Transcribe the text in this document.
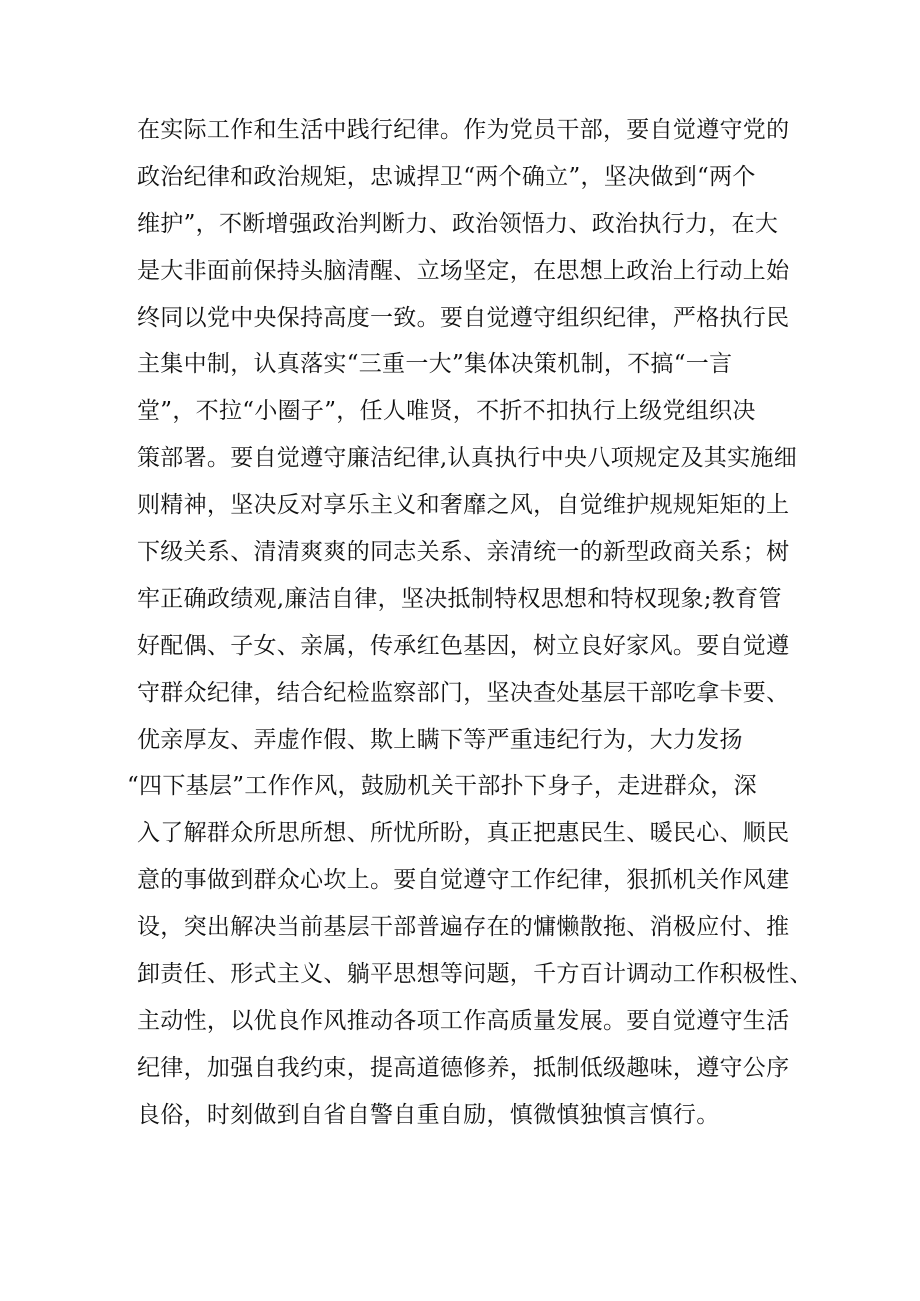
在实际工作和生活中践行纪律。作为党员干部，要自觉遵守党的
政治纪律和政治规矩，忠诚捍卫“两个确立”，坚决做到“两个
维护”，不断增强政治判断力、政治领悟力、政治执行力，在大
是大非面前保持头脑清醒、立场坚定，在思想上政治上行动上始
终同以党中央保持高度一致。要自觉遵守组织纪律，严格执行民
主集中制，认真落实“三重一大”集体决策机制，不搞“一言
堂”，不拉“小圈子”，任人唯贤，不折不扣执行上级党组织决
策部署。要自觉遵守廉洁纪律,认真执行中央八项规定及其实施细
则精神，坚决反对享乐主义和奢靡之风，自觉维护规规矩矩的上
下级关系、清清爽爽的同志关系、亲清统一的新型政商关系；树
牢正确政绩观,廉洁自律，坚决抵制特权思想和特权现象;教育管
好配偶、子女、亲属，传承红色基因，树立良好家风。要自觉遵
守群众纪律，结合纪检监察部门，坚决查处基层干部吃拿卡要、
优亲厚友、弄虚作假、欺上瞒下等严重违纪行为，大力发扬
“四下基层”工作作风，鼓励机关干部扑下身子，走进群众，深
入了解群众所思所想、所忧所盼，真正把惠民生、暖民心、顺民
意的事做到群众心坎上。要自觉遵守工作纪律，狠抓机关作风建
设，突出解决当前基层干部普遍存在的慵懒散拖、消极应付、推
卸责任、形式主义、躺平思想等问题，千方百计调动工作积极性、
主动性，以优良作风推动各项工作高质量发展。要自觉遵守生活
纪律，加强自我约束，提高道德修养，抵制低级趣味，遵守公序
良俗，时刻做到自省自警自重自励，慎微慎独慎言慎行。
